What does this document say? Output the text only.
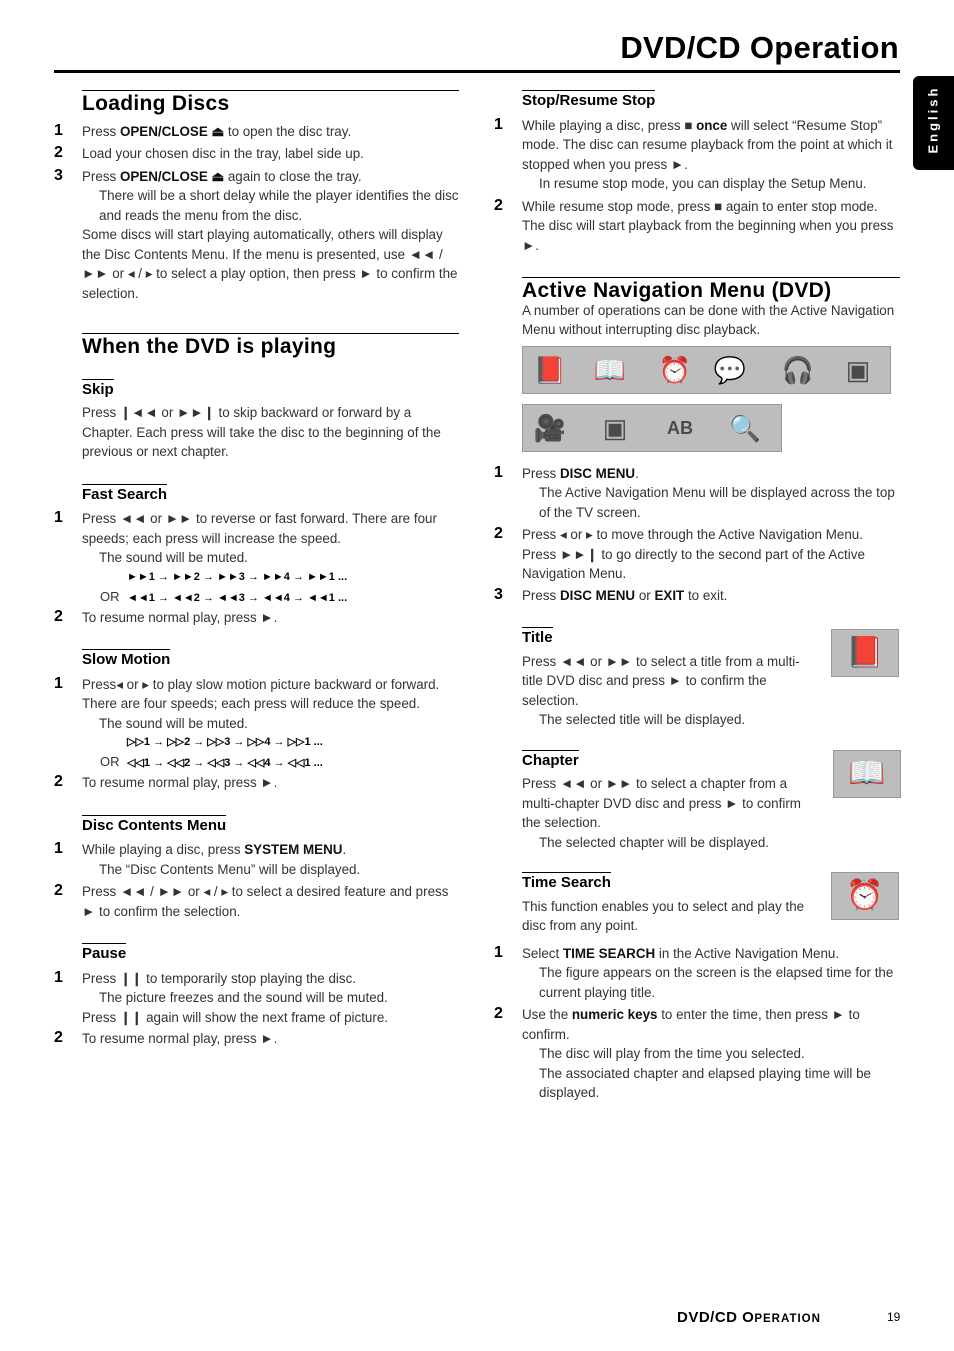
DVD/CD Operation
English
Loading Discs
1 Press OPEN/CLOSE ⏏ to open the disc tray.
2 Load your chosen disc in the tray, label side up.
3 Press OPEN/CLOSE ⏏ again to close the tray.
There will be a short delay while the player identifies the disc and reads the menu from the disc.
Some discs will start playing automatically, others will display the Disc Contents Menu. If the menu is presented, use ◄◄ / ►► or ◂ / ▸ to select a play option, then press ► to confirm the selection.
When the DVD is playing
Skip
Press ❙◄◄ or ►►❙ to skip backward or forward by a Chapter. Each press will take the disc to the beginning of the previous or next chapter.
Fast Search
1 Press ◄◄ or ►► to reverse or fast forward. There are four speeds; each press will increase the speed.
The sound will be muted.
►►1 → ►►2 → ►►3 → ►►4 → ►►1 ...
OR ◄◄1 → ◄◄2 → ◄◄3 → ◄◄4 → ◄◄1 ...
2 To resume normal play, press ►.
Slow Motion
1 Press◂ or ▸ to play slow motion picture backward or forward. There are four speeds; each press will reduce the speed.
The sound will be muted.
▷▷1 → ▷▷2 → ▷▷3 → ▷▷4 → ▷▷1 ...
OR ◁◁1 → ◁◁2 → ◁◁3 → ◁◁4 → ◁◁1 ...
2 To resume normal play, press ►.
Disc Contents Menu
1 While playing a disc, press SYSTEM MENU.
The “Disc Contents Menu” will be displayed.
2 Press ◄◄ / ►► or ◂ / ▸ to select a desired feature and press ► to confirm the selection.
Pause
1 Press ❙❙ to temporarily stop playing the disc.
The picture freezes and the sound will be muted.
Press ❙❙ again will show the next frame of picture.
2 To resume normal play, press ►.
Stop/Resume Stop
1 While playing a disc, press ■ once will select “Resume Stop” mode. The disc can resume playback from the point at which it stopped when you press ►.
In resume stop mode, you can display the Setup Menu.
2 While resume stop mode, press ■ again to enter stop mode. The disc will start playback from the beginning when you press ►.
Active Navigation Menu (DVD)
A number of operations can be done with the Active Navigation Menu without interrupting disc playback.
📕 📖 ⏰ 💬 🎧 ▣
🎥 ▣ AB 🔍
1 Press DISC MENU.
The Active Navigation Menu will be displayed across the top of the TV screen.
2 Press ◂ or ▸ to move through the Active Navigation Menu. Press ►►❙ to go directly to the second part of the Active Navigation Menu.
3 Press DISC MENU or EXIT to exit.
Title
Press ◄◄ or ►► to select a title from a multi-title DVD disc and press ► to confirm the selection.
The selected title will be displayed.
📕
Chapter
Press ◄◄ or ►► to select a chapter from a multi-chapter DVD disc and press ► to confirm the selection.
The selected chapter will be displayed.
📖
Time Search
This function enables you to select and play the disc from any point.
⏰
1 Select TIME SEARCH in the Active Navigation Menu.
The figure appears on the screen is the elapsed time for the current playing title.
2 Use the numeric keys to enter the time, then press ► to confirm.
The disc will play from the time you selected.
The associated chapter and elapsed playing time will be displayed.
DVD/CD OPERATION	19
